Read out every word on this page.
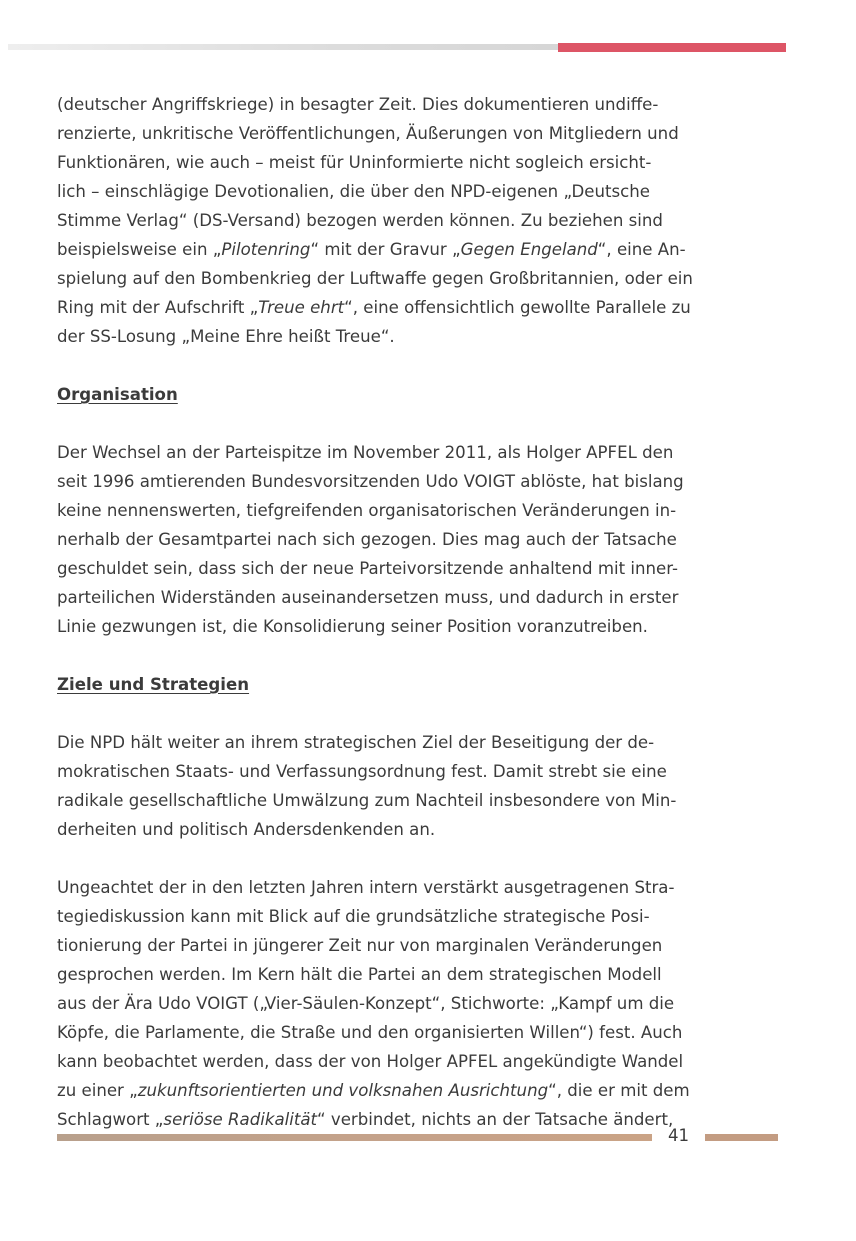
(deutscher Angriffskriege) in besagter Zeit. Dies dokumentieren undiffe-
renzierte, unkritische Veröffentlichungen, Äußerungen von Mitgliedern und
Funktionären, wie auch – meist für Uninformierte nicht sogleich ersicht-
lich – einschlägige Devotionalien, die über den NPD-eigenen „Deutsche
Stimme Verlag“ (DS-Versand) bezogen werden können. Zu beziehen sind
beispielsweise ein „Pilotenring“ mit der Gravur „Gegen Engeland“, eine An-
spielung auf den Bombenkrieg der Luftwaffe gegen Großbritannien, oder ein
Ring mit der Aufschrift „Treue ehrt“, eine offensichtlich gewollte Parallele zu
der SS-Losung „Meine Ehre heißt Treue“.

Organisation

Der Wechsel an der Parteispitze im November 2011, als Holger APFEL den
seit 1996 amtierenden Bundesvorsitzenden Udo VOIGT ablöste, hat bislang
keine nennenswerten, tiefgreifenden organisatorischen Veränderungen in-
nerhalb der Gesamtpartei nach sich gezogen. Dies mag auch der Tatsache
geschuldet sein, dass sich der neue Parteivorsitzende anhaltend mit inner-
parteilichen Widerständen auseinandersetzen muss, und dadurch in erster
Linie gezwungen ist, die Konsolidierung seiner Position voranzutreiben.

Ziele und Strategien

Die NPD hält weiter an ihrem strategischen Ziel der Beseitigung der de-
mokratischen Staats- und Verfassungsordnung fest. Damit strebt sie eine
radikale gesellschaftliche Umwälzung zum Nachteil insbesondere von Min-
derheiten und politisch Andersdenkenden an.

Ungeachtet der in den letzten Jahren intern verstärkt ausgetragenen Stra-
tegiediskussion kann mit Blick auf die grundsätzliche strategische Posi-
tionierung der Partei in jüngerer Zeit nur von marginalen Veränderungen
gesprochen werden. Im Kern hält die Partei an dem strategischen Modell
aus der Ära Udo VOIGT („Vier-Säulen-Konzept“, Stichworte: „Kampf um die
Köpfe, die Parlamente, die Straße und den organisierten Willen“) fest. Auch
kann beobachtet werden, dass der von Holger APFEL angekündigte Wandel
zu einer „zukunftsorientierten und volksnahen Ausrichtung“, die er mit dem
Schlagwort „seriöse Radikalität“ verbindet, nichts an der Tatsache ändert,

41
